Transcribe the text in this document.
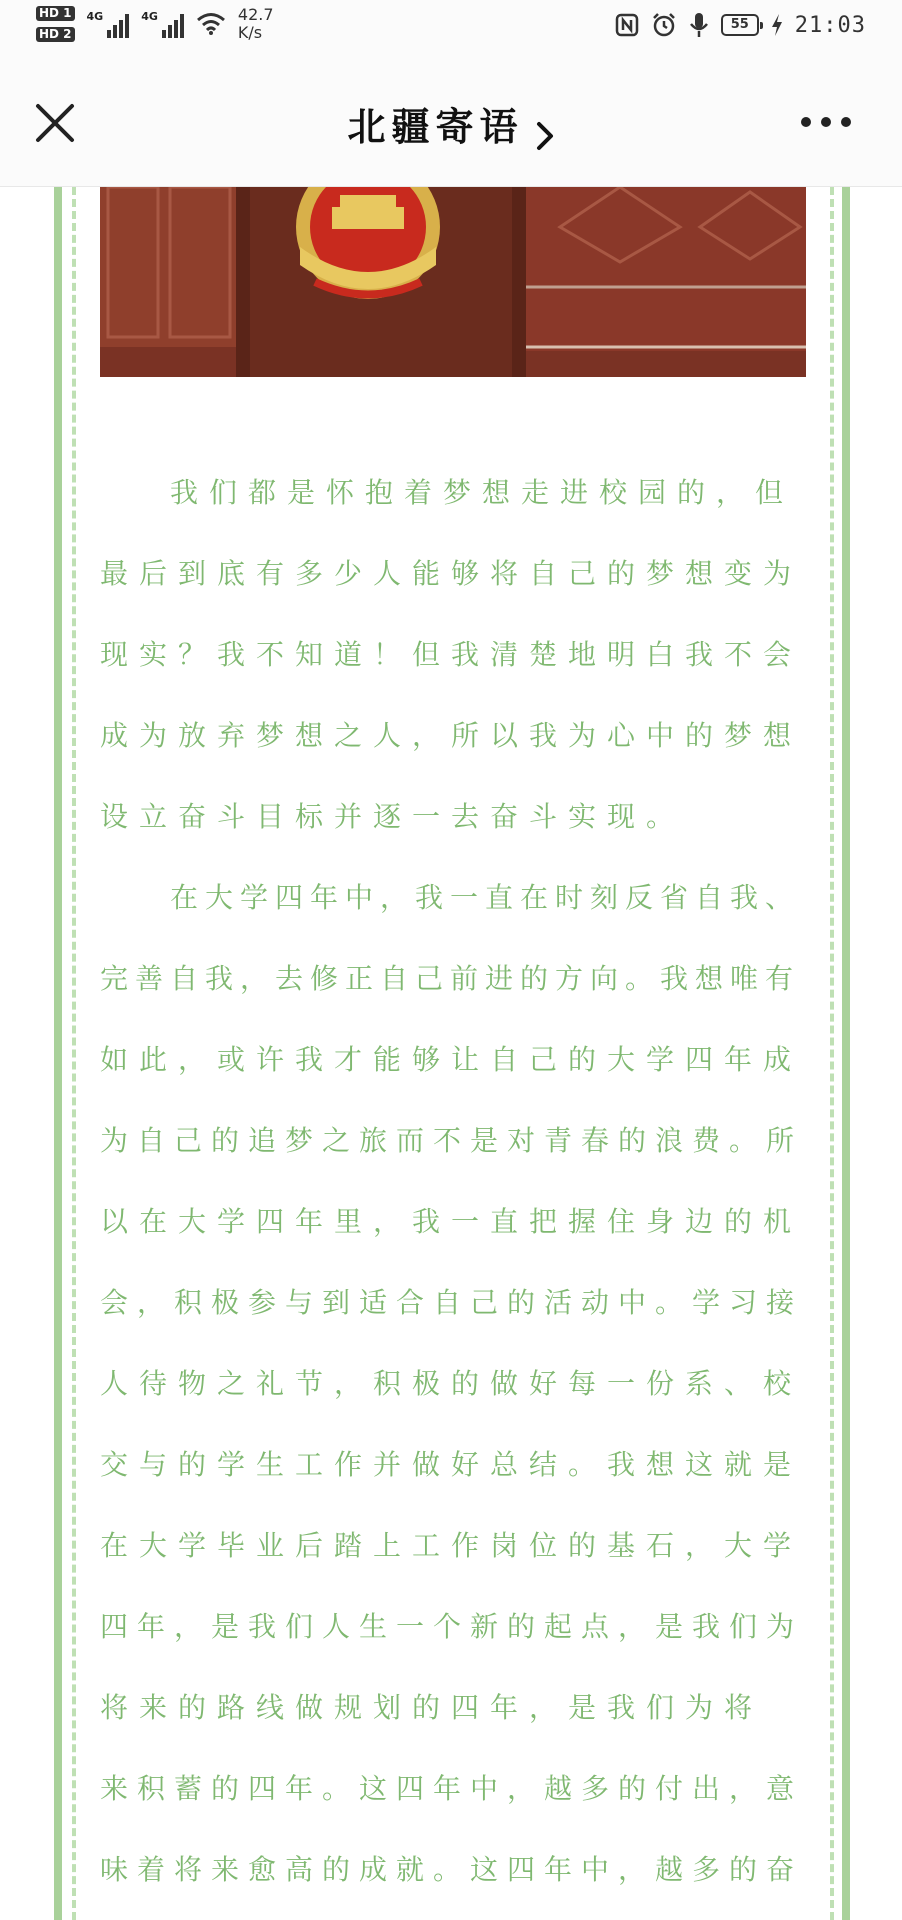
HD 1
HD 2
4G	4G	42.7
K/s	55	21:03
北疆寄语

我们都是怀抱着梦想走进校园的，但
最后到底有多少人能够将自己的梦想变为
现实？我不知道！但我清楚地明白我不会
成为放弃梦想之人，所以我为心中的梦想
设立奋斗目标并逐一去奋斗实现。

在大学四年中，我一直在时刻反省自我、
完善自我，去修正自己前进的方向。我想唯有
如此，或许我才能够让自己的大学四年成
为自己的追梦之旅而不是对青春的浪费。所
以在大学四年里，我一直把握住身边的机
会，积极参与到适合自己的活动中。学习接
人待物之礼节，积极的做好每一份系、校
交与的学生工作并做好总结。我想这就是
在大学毕业后踏上工作岗位的基石，大学
四年，是我们人生一个新的起点，是我们为
将来的路线做规划的四年，是我们为将
来积蓄的四年。这四年中，越多的付出，意
味着将来愈高的成就。这四年中，越多的奋
